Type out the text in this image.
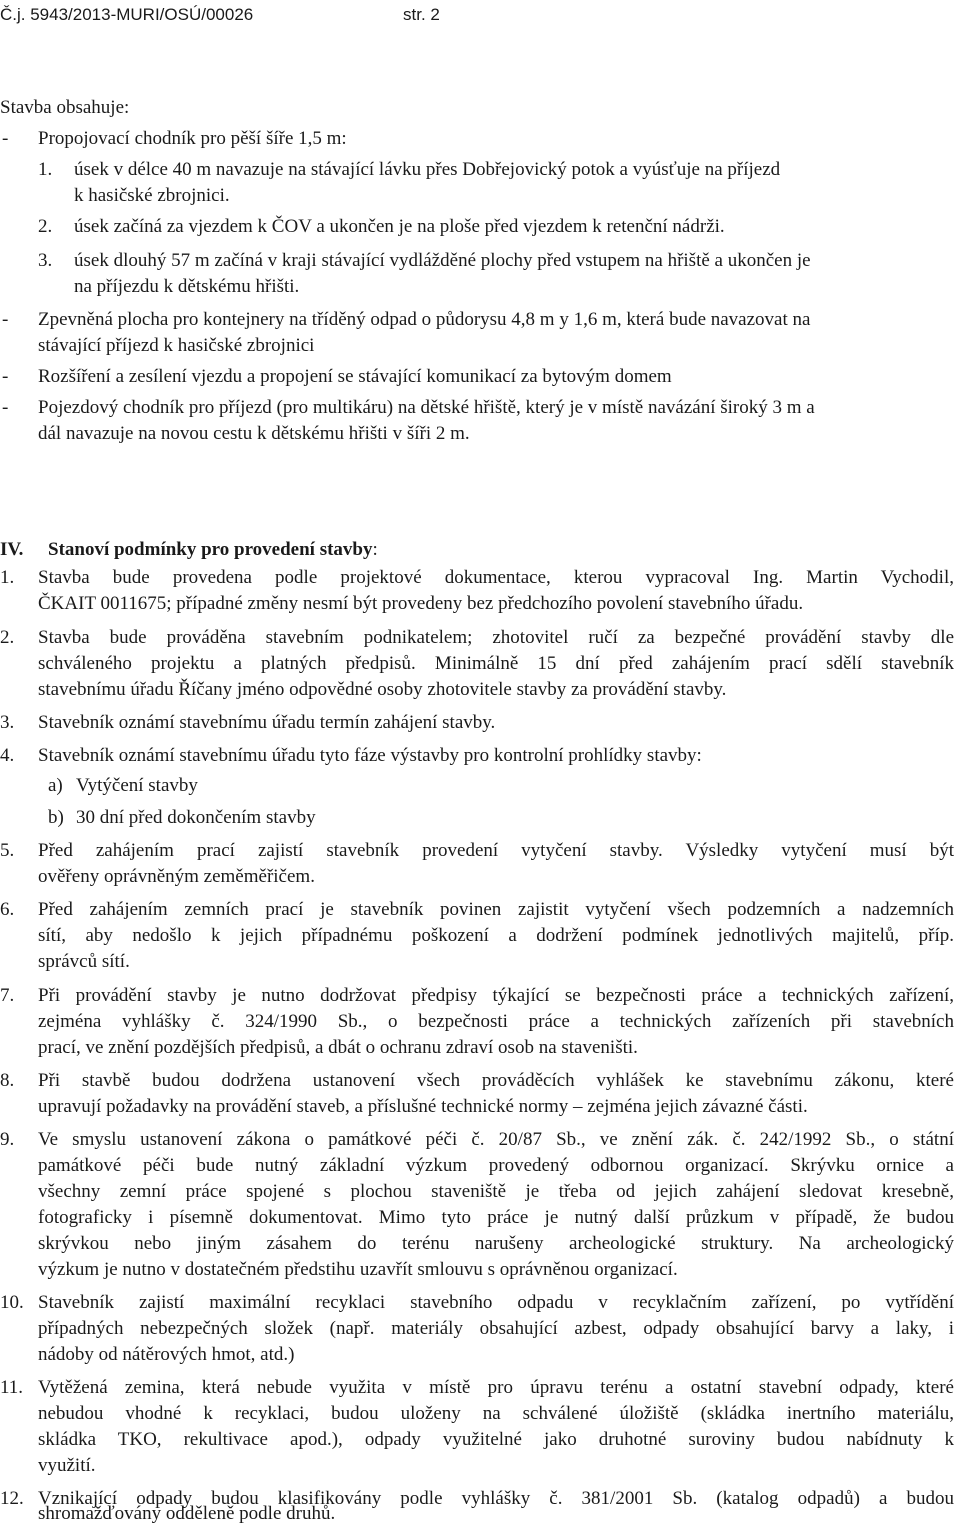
Č.j. 5943/2013-MURI/OSÚ/00026	str. 2
Stavba obsahuje:
- Propojovací chodník pro pěší šíře 1,5 m:
1. úsek v délce 40 m navazuje na stávající lávku přes Dobřejovický potok a vyúsťuje na příjezd
k hasičské zbrojnici.
2. úsek začíná za vjezdem k ČOV a ukončen je na ploše před vjezdem k retenční nádrži.
3. úsek dlouhý 57 m začíná v kraji stávající vydlážděné plochy před vstupem na hřiště a ukončen je
na příjezdu k dětskému hřišti.
- Zpevněná plocha pro kontejnery na tříděný odpad o půdorysu 4,8 m y 1,6 m, která bude navazovat na
stávající příjezd k hasičské zbrojnici
- Rozšíření a zesílení vjezdu a propojení se stávající komunikací za bytovým domem
- Pojezdový chodník pro příjezd (pro multikáru) na dětské hřiště, který je v místě navázání široký 3 m a
dál navazuje na novou cestu k dětskému hřišti v šíři 2 m.
IV. Stanoví podmínky pro provedení stavby:
1. Stavba bude provedena podle projektové dokumentace, kterou vypracoval Ing. Martin Vychodil,
ČKAIT 0011675; případné změny nesmí být provedeny bez předchozího povolení stavebního úřadu.
2. Stavba bude prováděna stavebním podnikatelem; zhotovitel ručí za bezpečné provádění stavby dle
schváleného projektu a platných předpisů. Minimálně 15 dní před zahájením prací sdělí stavebník
stavebnímu úřadu Říčany jméno odpovědné osoby zhotovitele stavby za provádění stavby.
3. Stavebník oznámí stavebnímu úřadu termín zahájení stavby.
4. Stavebník oznámí stavebnímu úřadu tyto fáze výstavby pro kontrolní prohlídky stavby:
a) Vytýčení stavby
b) 30 dní před dokončením stavby
5. Před zahájením prací zajistí stavebník provedení vytyčení stavby. Výsledky vytyčení musí být
ověřeny oprávněným zeměměřičem.
6. Před zahájením zemních prací je stavebník povinen zajistit vytyčení všech podzemních a nadzemních
sítí, aby nedošlo k jejich případnému poškození a dodržení podmínek jednotlivých majitelů, příp.
správců sítí.
7. Při provádění stavby je nutno dodržovat předpisy týkající se bezpečnosti práce a technických zařízení,
zejména vyhlášky č. 324/1990 Sb., o bezpečnosti práce a technických zařízeních při stavebních
prací, ve znění pozdějších předpisů, a dbát o ochranu zdraví osob na staveništi.
8. Při stavbě budou dodržena ustanovení všech prováděcích vyhlášek ke stavebnímu zákonu, které
upravují požadavky na provádění staveb, a příslušné technické normy – zejména jejich závazné části.
9. Ve smyslu ustanovení zákona o památkové péči č. 20/87 Sb., ve znění zák. č. 242/1992 Sb., o státní
památkové péči bude nutný základní výzkum provedený odbornou organizací. Skrývku ornice a
všechny zemní práce spojené s plochou staveniště je třeba od jejich zahájení sledovat kresebně,
fotograficky i písemně dokumentovat. Mimo tyto práce je nutný další průzkum v případě, že budou
skrývkou nebo jiným zásahem do terénu narušeny archeologické struktury. Na archeologický
výzkum je nutno v dostatečném předstihu uzavřít smlouvu s oprávněnou organizací.
10. Stavebník zajistí maximální recyklaci stavebního odpadu v recyklačním zařízení, po vytřídění
případných nebezpečných složek (např. materiály obsahující azbest, odpady obsahující barvy a laky, i
nádoby od nátěrových hmot, atd.)
11. Vytěžená zemina, která nebude využita v místě pro úpravu terénu a ostatní stavební odpady, které
nebudou vhodné k recyklaci, budou uloženy na schválené úložiště (skládka inertního materiálu,
skládka TKO, rekultivace apod.), odpady využitelné jako druhotné suroviny budou nabídnuty k
využití.
12. Vznikající odpady budou klasifikovány podle vyhlášky č. 381/2001 Sb. (katalog odpadů) a budou
shromažďovány odděleně podle druhů.
